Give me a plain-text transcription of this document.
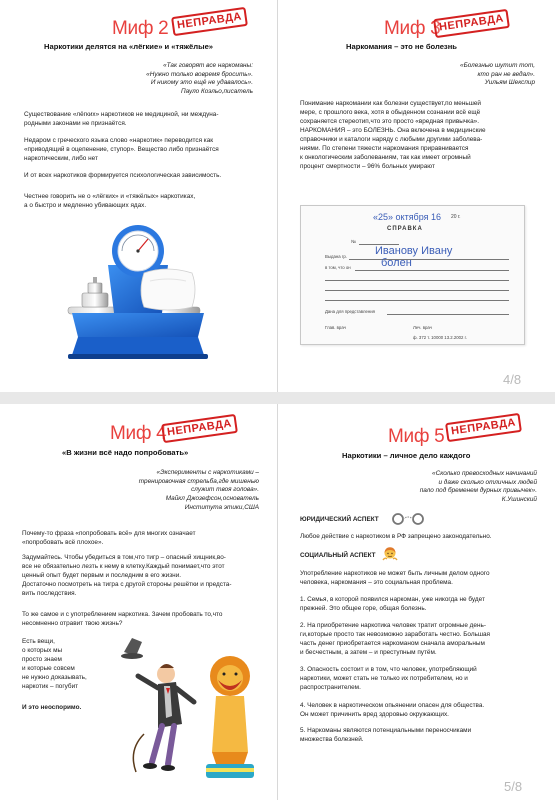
Миф 2 НЕПРАВДА
Наркотики делятся на «лёгкие» и «тяжёлые»
«Так говорят все наркоманы:
«Нужно только вовремя бросить».
И никому это ещё не удавалось».
Пауло Коэльо,писатель
Существование «лёгких» наркотиков не медициной, ни междуна-
родными законами не признаётся.
Недаром с греческого языка слово «наркотик» переводится как
«приводящий в оцепенение, ступор». Вещество либо признаётся
наркотическим, либо нет
И от всех наркотиков формируется психологическая зависимость.
Честнее говорить не о «лёгких» и «тяжёлых» наркотиках,
а о быстро и медленно убивающих ядах.
Миф 3
НЕПРАВДА
Наркомания – это не болезнь
«Болезнью шутит тот,
кто ран не ведал».
Уильям Шекспир
Понимание наркомании как болезни существует,по меньшей
мере, с прошлого века, хотя в обыденном сознании всё ещё
сохраняется стереотип,что это просто «вредная привычка».
НАРКОМАНИЯ – это БОЛЕЗНЬ. Она включена в медицинские
справочники и каталоги наряду с любыми другими заболева-
ниями. По степени тяжести наркомания приравнивается
к онкологическим заболеваниям, так как имеет огромный
процент смертности – 96% больных умирают
4/8
«25» октября 16 20 г.
СПРАВКА
№
Выдана гр.	Иванову Ивану
в том, что он	болен
Дана для представления
Глав. врач	Леч. врач
ф. 372 т. 10000 13.2.2002 г.
Миф 4 НЕПРАВДА
«В жизни всё надо попробовать»
«Эксперименты с наркотиками –
тренировочная стрельба,где мишенью
служит твоя голова».
Майкл Джозефсон,основатель
Института этики,США
Почему-то фраза «попробовать всё» для многих означает
«попробовать всё плохое».
Задумайтесь. Чтобы убедиться в том,что тигр – опасный хищник,во-
все не обязательно лезть к нему в клетку.Каждый понимает,что этот
ценный опыт будет первым и последним в его жизни.
Достаточно посмотреть на тигра с другой стороны решётки и предста-
вить последствия.
То же самое и с употреблением наркотика. Зачем пробовать то,что
несомненно отравит твою жизнь?
Есть вещи,
о которых мы
просто знаем
и которые совсем
не нужно доказывать,
наркотик – погубит
И это неоспоримо.
Миф 5 НЕПРАВДА
Наркотики – личное дело каждого
«Сколько превосходных начинаний
и даже сколько отличных людей
пало под бременем дурных привычек».
К.Ушинский
ЮРИДИЧЕСКИЙ АСПЕКТ
Любое действие с наркотиком в РФ запрещено законодательно.
СОЦИАЛЬНЫЙ АСПЕКТ
Употребление наркотиков не может быть личным делом одного
человека, наркомания – это социальная проблема.
1. Семья, в которой появился наркоман, уже никогда не будет
прежней. Это общее горе, общая болезнь.
2. На приобретение наркотика человек тратит огромные день-
ги,которые просто так невозможно заработать честно. Большая
часть денег приобретается наркоманом сначала аморальным
и бесчестным, а затем – и преступным путём.
3. Опасность состоит и в том, что человек, употребляющий
наркотики, может стать не только их потребителем, но и
распространителем.
4. Человек в наркотическом опьянении опасен для общества.
Он может причинить вред здоровью окружающих.
5. Наркоманы являются потенциальными переносчиками
множества болезней.
5/8
